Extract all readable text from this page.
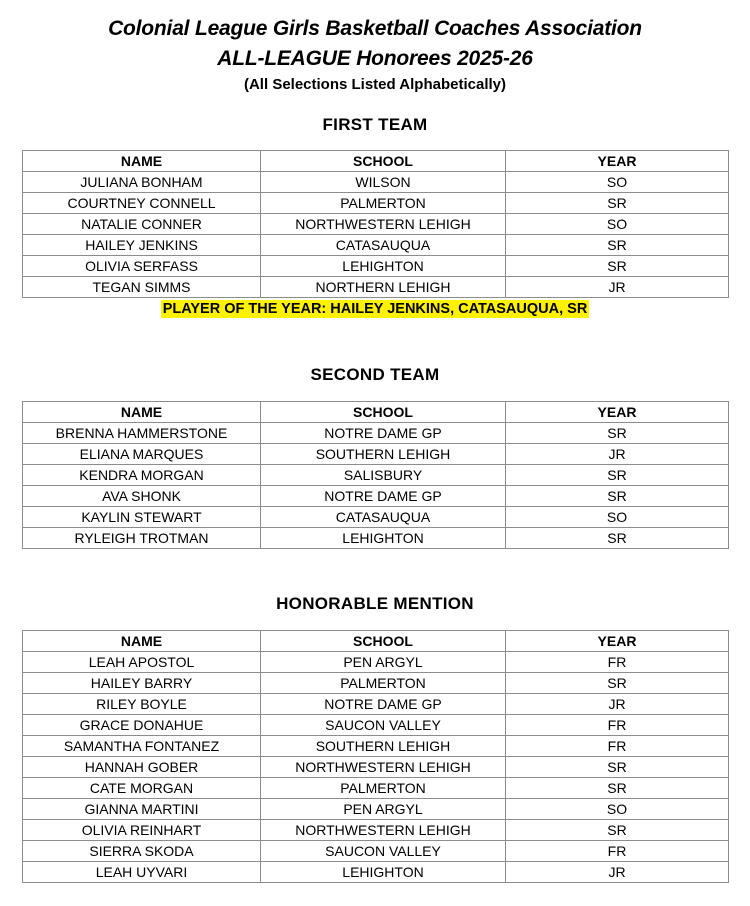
Colonial League Girls Basketball Coaches Association
ALL-LEAGUE Honorees 2025-26
(All Selections Listed Alphabetically)
FIRST TEAM
NAME	SCHOOL	YEAR
JULIANA BONHAM	WILSON	SO
COURTNEY CONNELL	PALMERTON	SR
NATALIE CONNER	NORTHWESTERN LEHIGH	SO
HAILEY JENKINS	CATASAUQUA	SR
OLIVIA SERFASS	LEHIGHTON	SR
TEGAN SIMMS	NORTHERN LEHIGH	JR
PLAYER OF THE YEAR: HAILEY JENKINS, CATASAUQUA, SR
SECOND TEAM
NAME	SCHOOL	YEAR
BRENNA HAMMERSTONE	NOTRE DAME GP	SR
ELIANA MARQUES	SOUTHERN LEHIGH	JR
KENDRA MORGAN	SALISBURY	SR
AVA SHONK	NOTRE DAME GP	SR
KAYLIN STEWART	CATASAUQUA	SO
RYLEIGH TROTMAN	LEHIGHTON	SR
HONORABLE MENTION
NAME	SCHOOL	YEAR
LEAH APOSTOL	PEN ARGYL	FR
HAILEY BARRY	PALMERTON	SR
RILEY BOYLE	NOTRE DAME GP	JR
GRACE DONAHUE	SAUCON VALLEY	FR
SAMANTHA FONTANEZ	SOUTHERN LEHIGH	FR
HANNAH GOBER	NORTHWESTERN LEHIGH	SR
CATE MORGAN	PALMERTON	SR
GIANNA MARTINI	PEN ARGYL	SO
OLIVIA REINHART	NORTHWESTERN LEHIGH	SR
SIERRA SKODA	SAUCON VALLEY	FR
LEAH UYVARI	LEHIGHTON	JR
